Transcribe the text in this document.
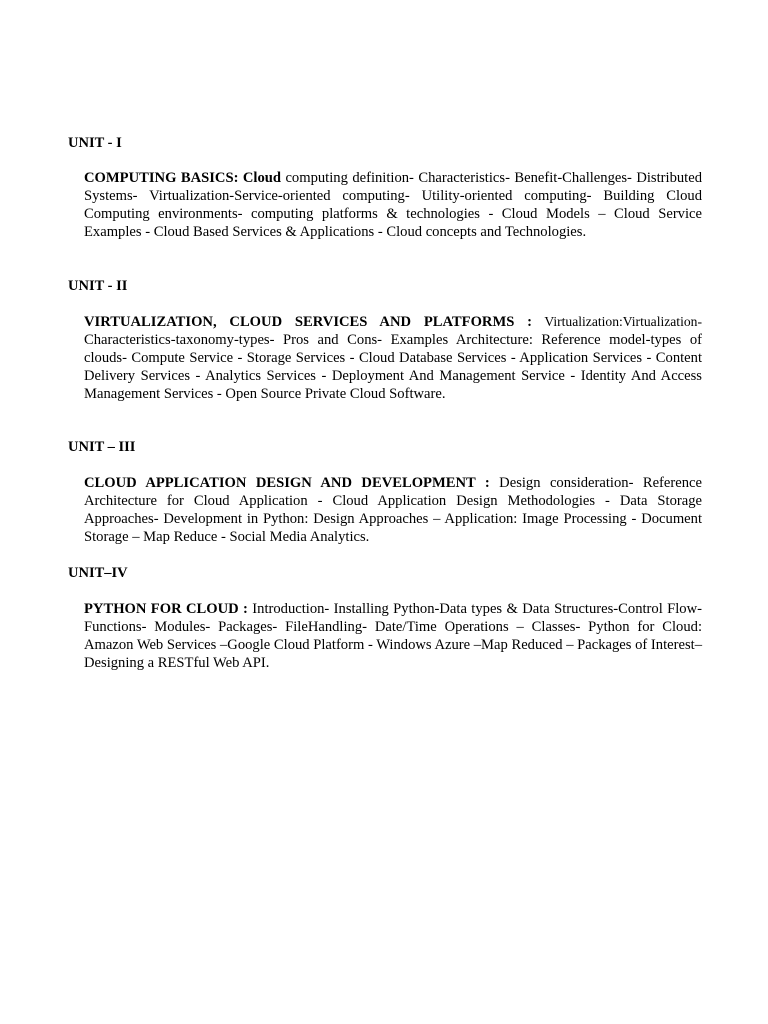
UNIT - I

COMPUTING BASICS: Cloud computing definition- Characteristics- Benefit-Challenges- Distributed Systems- Virtualization-Service-oriented computing- Utility-oriented computing- Building Cloud Computing environments- computing platforms & technologies - Cloud Models – Cloud Service Examples - Cloud Based Services & Applications - Cloud concepts and Technologies.

UNIT - II

VIRTUALIZATION, CLOUD SERVICES AND PLATFORMS : Virtualization:Virtualization-Characteristics-taxonomy-types- Pros and Cons- Examples Architecture: Reference model-types of clouds- Compute Service - Storage Services - Cloud Database Services - Application Services - Content Delivery Services - Analytics Services - Deployment And Management Service - Identity And Access Management Services - Open Source Private Cloud Software.

UNIT – III

CLOUD APPLICATION DESIGN AND DEVELOPMENT : Design consideration- Reference Architecture for Cloud Application - Cloud Application Design Methodologies - Data Storage Approaches- Development in Python: Design Approaches – Application: Image Processing - Document Storage – Map Reduce - Social Media Analytics.

UNIT–IV

PYTHON FOR CLOUD : Introduction- Installing Python-Data types & Data Structures-Control Flow- Functions- Modules- Packages- FileHandling- Date/Time Operations – Classes- Python for Cloud: Amazon Web Services –Google Cloud Platform - Windows Azure –Map Reduced – Packages of Interest–Designing a RESTful Web API.
